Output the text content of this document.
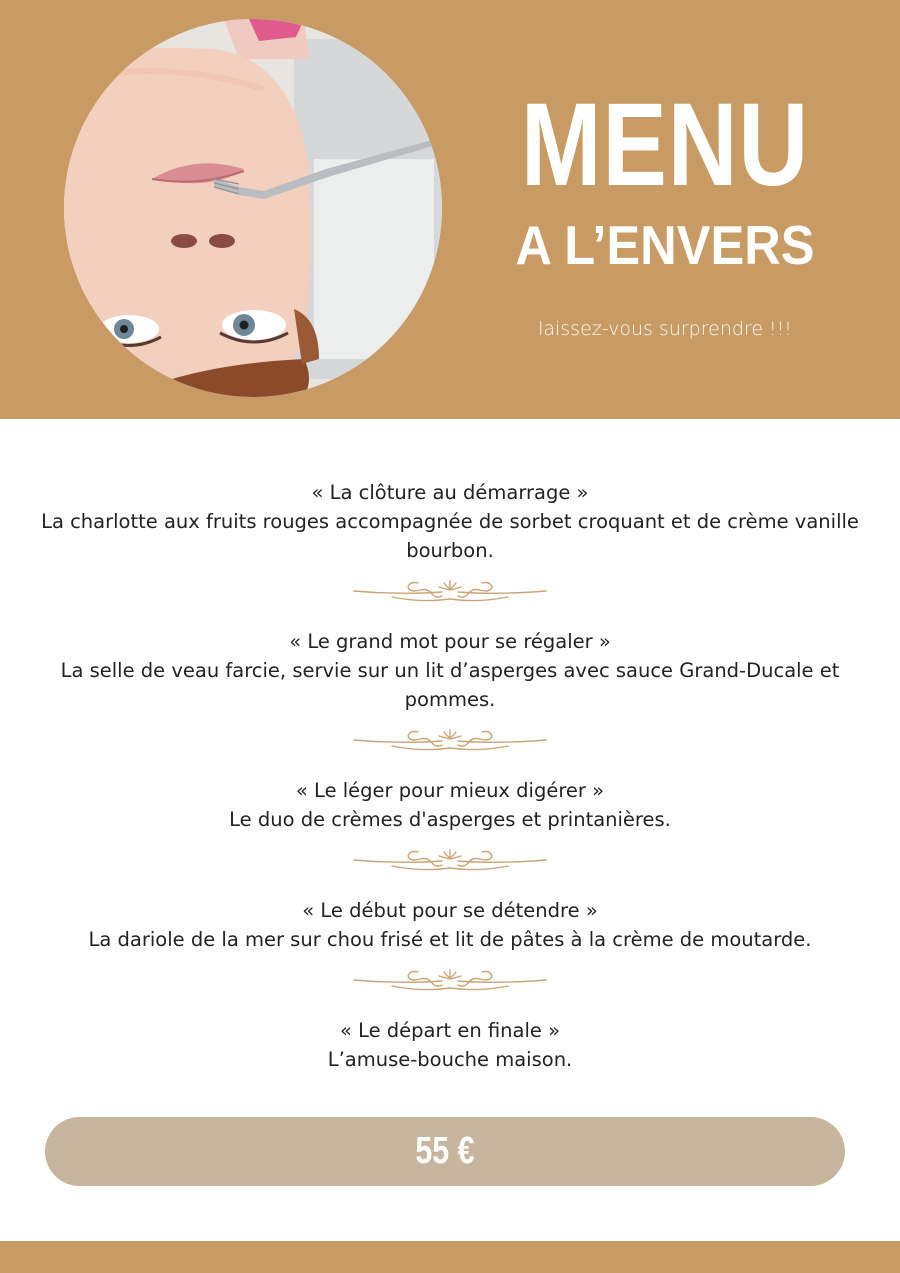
MENU
A L’ENVERS
laissez-vous surprendre !!!
« La clôture au démarrage »
La charlotte aux fruits rouges accompagnée de sorbet croquant et de crème vanille bourbon.
« Le grand mot pour se régaler »
La selle de veau farcie, servie sur un lit d’asperges avec sauce Grand-Ducale et pommes.
« Le léger pour mieux digérer »
Le duo de crèmes d'asperges et printanières.
« Le début pour se détendre »
La dariole de la mer sur chou frisé et lit de pâtes à la crème de moutarde.
« Le départ en finale »
L’amuse-bouche maison.
55 €
